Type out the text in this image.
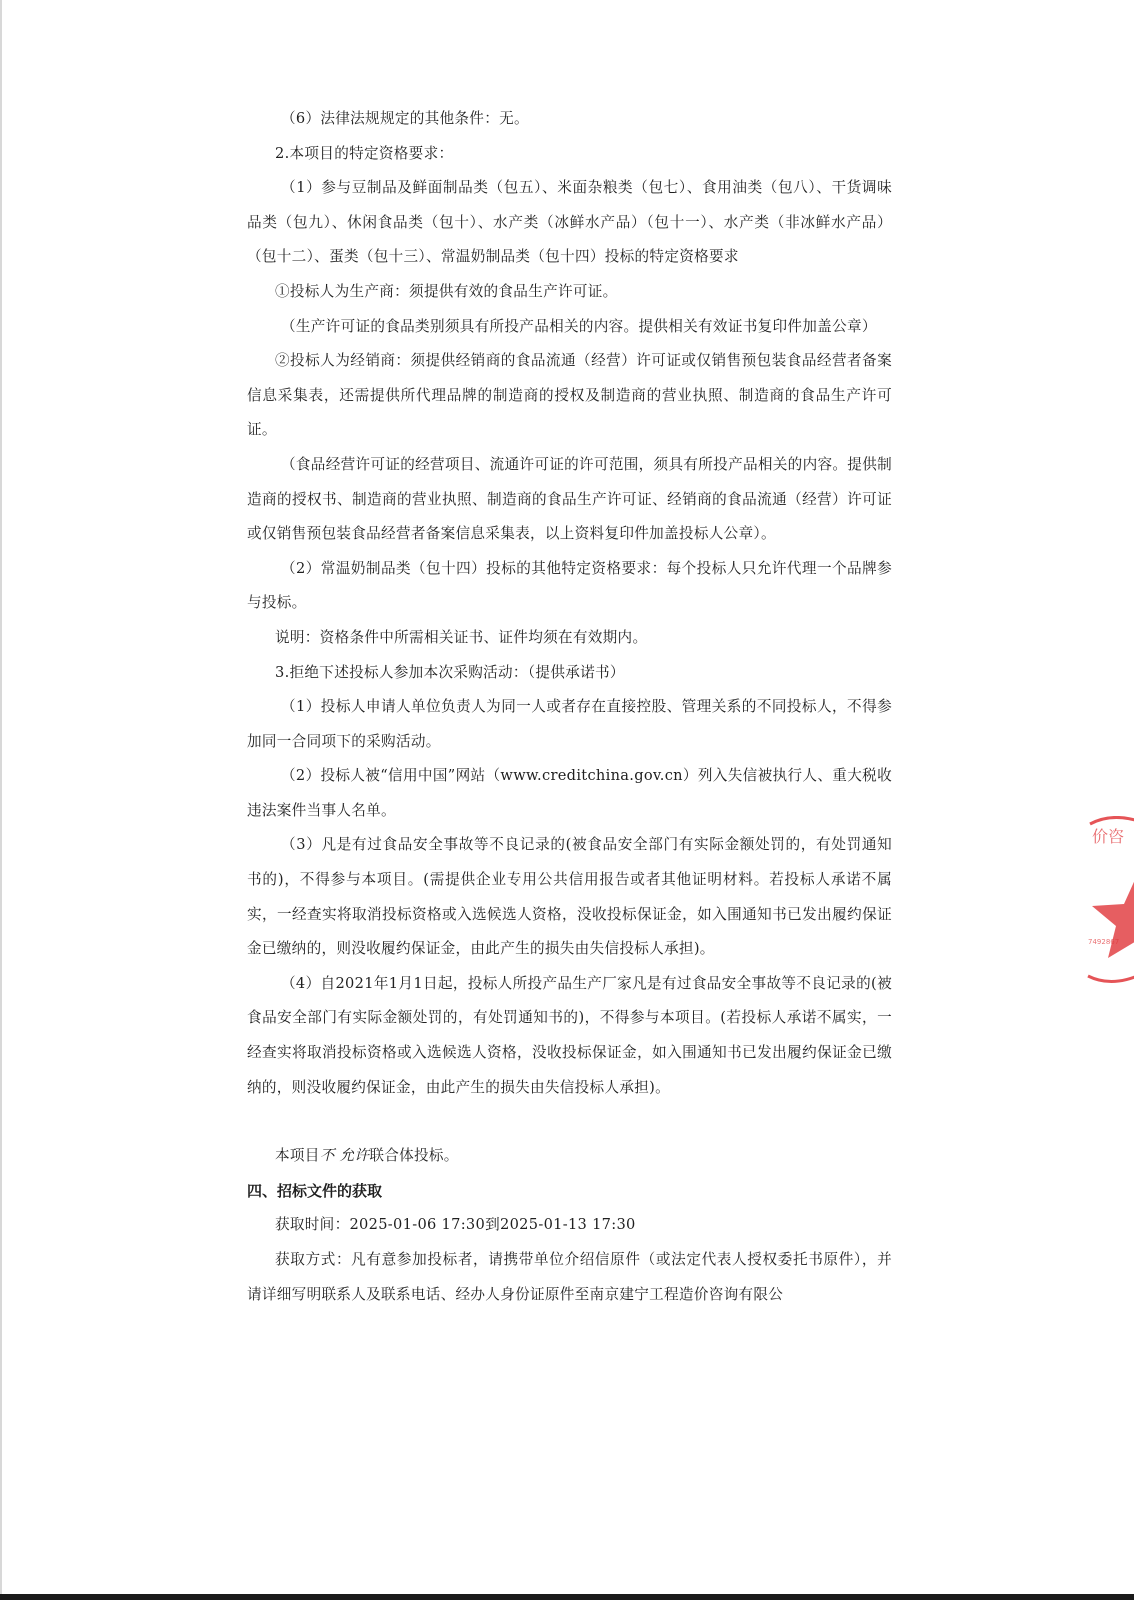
（6）法律法规规定的其他条件：无。

2.本项目的特定资格要求：

（1）参与豆制品及鲜面制品类（包五）、米面杂粮类（包七）、食用油类（包八）、干货调味品类（包九）、休闲食品类（包十）、水产类（冰鲜水产品）（包十一）、水产类（非冰鲜水产品）（包十二）、蛋类（包十三）、常温奶制品类（包十四）投标的特定资格要求

①投标人为生产商：须提供有效的食品生产许可证。

（生产许可证的食品类别须具有所投产品相关的内容。提供相关有效证书复印件加盖公章）

②投标人为经销商：须提供经销商的食品流通（经营）许可证或仅销售预包装食品经营者备案信息采集表，还需提供所代理品牌的制造商的授权及制造商的营业执照、制造商的食品生产许可证。

（食品经营许可证的经营项目、流通许可证的许可范围，须具有所投产品相关的内容。提供制造商的授权书、制造商的营业执照、制造商的食品生产许可证、经销商的食品流通（经营）许可证或仅销售预包装食品经营者备案信息采集表，以上资料复印件加盖投标人公章）。

（2）常温奶制品类（包十四）投标的其他特定资格要求：每个投标人只允许代理一个品牌参与投标。

说明：资格条件中所需相关证书、证件均须在有效期内。

3.拒绝下述投标人参加本次采购活动：（提供承诺书）

（1）投标人申请人单位负责人为同一人或者存在直接控股、管理关系的不同投标人，不得参加同一合同项下的采购活动。

（2）投标人被“信用中国”网站（www.creditchina.gov.cn）列入失信被执行人、重大税收违法案件当事人名单。

（3）凡是有过食品安全事故等不良记录的(被食品安全部门有实际金额处罚的，有处罚通知书的)，不得参与本项目。(需提供企业专用公共信用报告或者其他证明材料。若投标人承诺不属实，一经查实将取消投标资格或入选候选人资格，没收投标保证金，如入围通知书已发出履约保证金已缴纳的，则没收履约保证金，由此产生的损失由失信投标人承担)。

（4）自2021年1月1日起，投标人所投产品生产厂家凡是有过食品安全事故等不良记录的(被食品安全部门有实际金额处罚的，有处罚通知书的)，不得参与本项目。(若投标人承诺不属实，一经查实将取消投标资格或入选候选人资格，没收投标保证金，如入围通知书已发出履约保证金已缴纳的，则没收履约保证金，由此产生的损失由失信投标人承担)。

本项目不 允许联合体投标。

四、招标文件的获取

获取时间：2025-01-06 17:30到2025-01-13 17:30

获取方式：凡有意参加投标者，请携带单位介绍信原件（或法定代表人授权委托书原件），并请详细写明联系人及联系电话、经办人身份证原件至南京建宁工程造价咨询有限公

价咨
7492867
